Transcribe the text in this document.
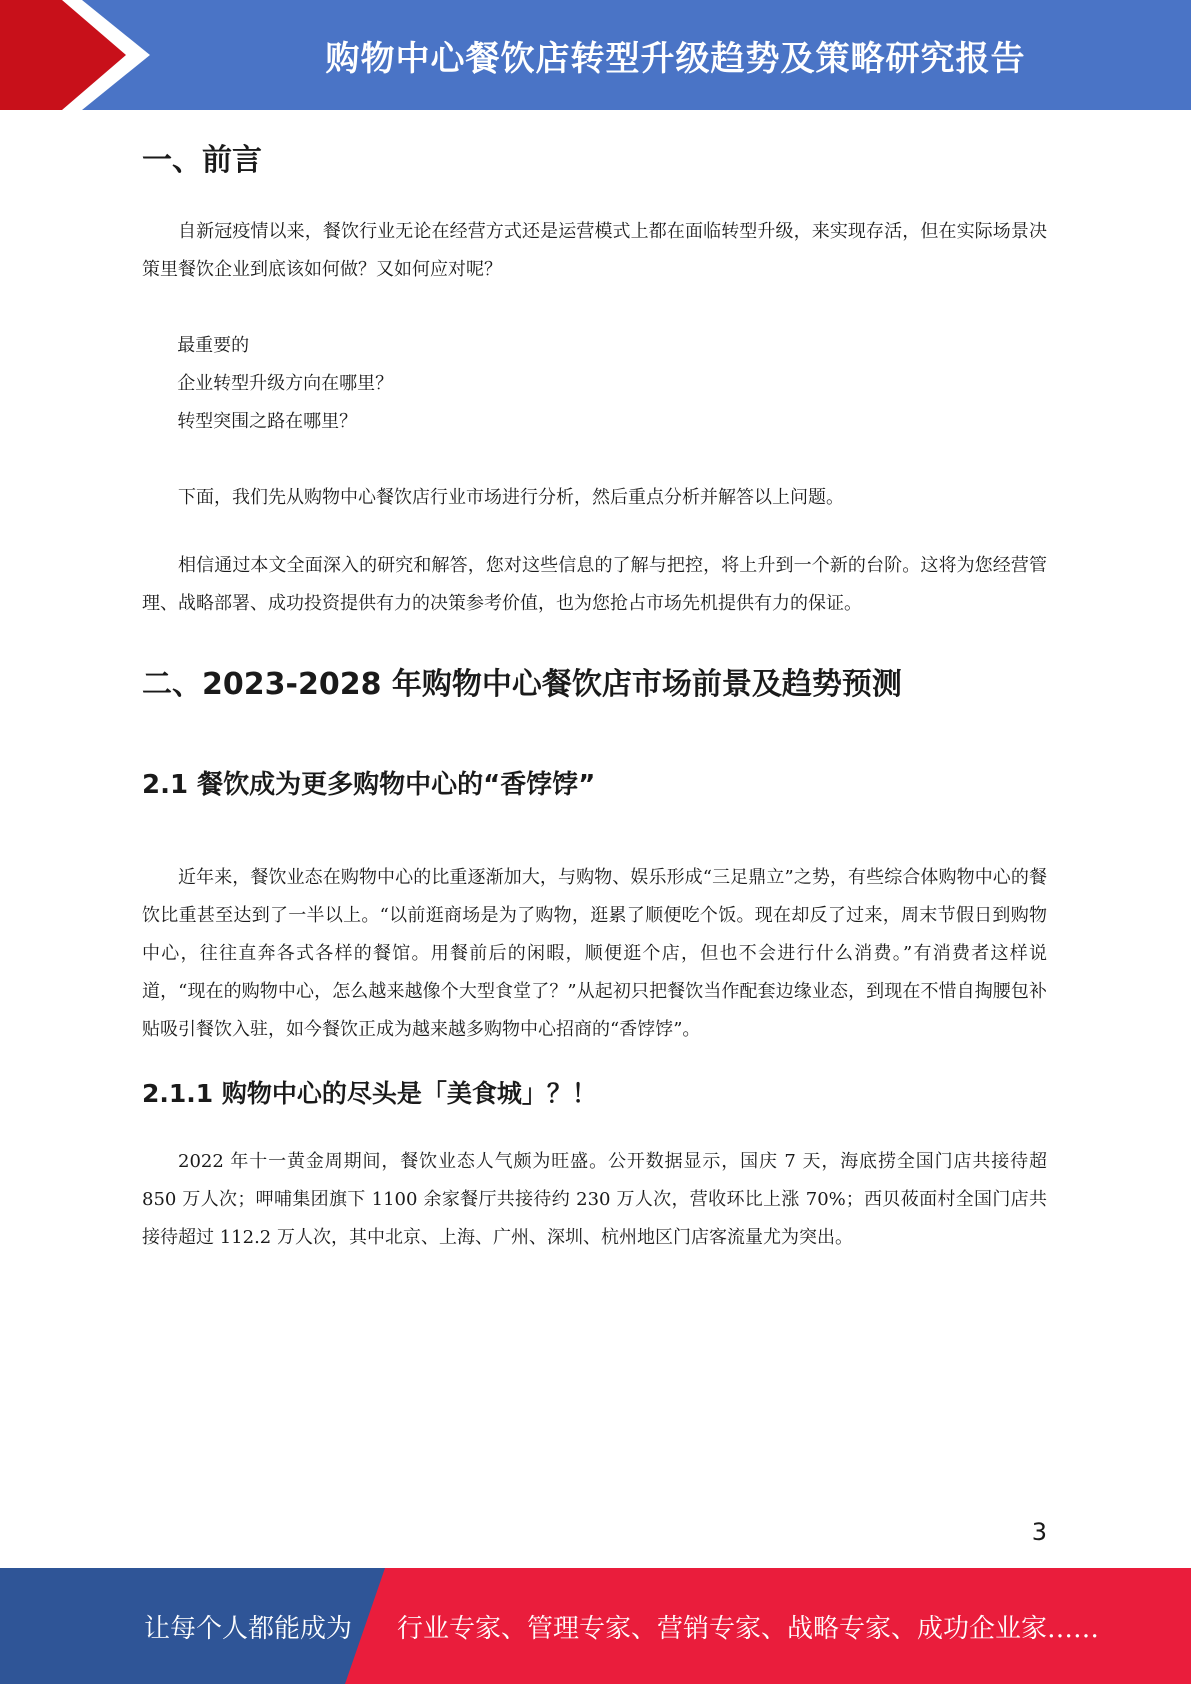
购物中心餐饮店转型升级趋势及策略研究报告
一、前言

自新冠疫情以来，餐饮行业无论在经营方式还是运营模式上都在面临转型升级，来实现存活，但在实际场景决策里餐饮企业到底该如何做？又如何应对呢？

最重要的
企业转型升级方向在哪里？
转型突围之路在哪里？

下面，我们先从购物中心餐饮店行业市场进行分析，然后重点分析并解答以上问题。

相信通过本文全面深入的研究和解答，您对这些信息的了解与把控，将上升到一个新的台阶。这将为您经营管理、战略部署、成功投资提供有力的决策参考价值，也为您抢占市场先机提供有力的保证。

二、2023-2028 年购物中心餐饮店市场前景及趋势预测
2.1 餐饮成为更多购物中心的“香饽饽”

近年来，餐饮业态在购物中心的比重逐渐加大，与购物、娱乐形成“三足鼎立”之势，有些综合体购物中心的餐饮比重甚至达到了一半以上。“以前逛商场是为了购物，逛累了顺便吃个饭。现在却反了过来，周末节假日到购物中心，往往直奔各式各样的餐馆。用餐前后的闲暇，顺便逛个店，但也不会进行什么消费。”有消费者这样说道，“现在的购物中心，怎么越来越像个大型食堂了？”从起初只把餐饮当作配套边缘业态，到现在不惜自掏腰包补贴吸引餐饮入驻，如今餐饮正成为越来越多购物中心招商的“香饽饽”。

2.1.1 购物中心的尽头是「美食城」？！

2022 年十一黄金周期间，餐饮业态人气颇为旺盛。公开数据显示，国庆 7 天，海底捞全国门店共接待超 850 万人次；呷哺集团旗下 1100 余家餐厅共接待约 230 万人次，营收环比上涨 70%；西贝莜面村全国门店共接待超过 112.2 万人次，其中北京、上海、广州、深圳、杭州地区门店客流量尤为突出。

3
让每个人都能成为 行业专家、管理专家、营销专家、战略专家、成功企业家……
